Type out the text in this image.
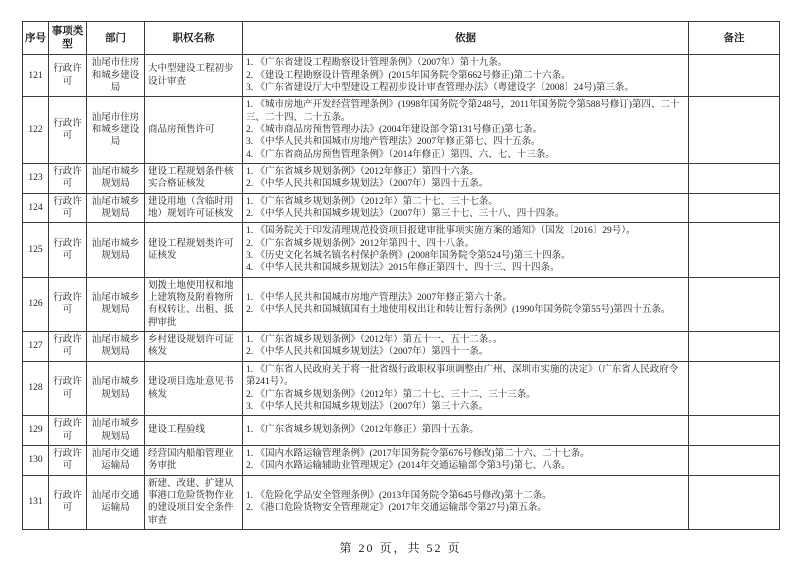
序号	事项类型	部门	职权名称	依据	备注
121	行政许可	汕尾市住房和城乡建设局	大中型建设工程初步设计审查	1. 《广东省建设工程勘察设计管理条例》（2007年）第十九条。
2. 《建设工程勘察设计管理条例》(2015年国务院令第662号修正)第二十六条。
3. 《广东省建设厅大中型建设工程初步设计审查管理办法》（粤建设字〔2008〕24号)第三条。	

122	行政许可	汕尾市住房和城乡建设局	商品房预售许可	1. 《城市房地产开发经营管理条例》(1998年国务院令第248号，2011年国务院令第588号修订)第四、二十三、二十四、二十五条。
2. 《城市商品房预售管理办法》(2004年建设部令第131号修正)第七条。
3. 《中华人民共和国城市房地产管理法》2007年修正第七、四十五条。
4. 《广东省商品房预售管理条例》（2014年修正）第四、六、七、十三条。	

123	行政许可	汕尾市城乡规划局	建设工程规划条件核实合格证核发	1. 《广东省城乡规划条例》（2012年修正）第四十六条。
2. 《中华人民共和国城乡规划法》（2007年）第四十五条。	

124	行政许可	汕尾市城乡规划局	建设用地（含临时用地）规划许可证核发	1. 《广东省城乡规划条例》（2012年）第二十七、三十七条。
2. 《中华人民共和国城乡规划法》（2007年）第三十七、三十八、四十四条。	

125	行政许可	汕尾市城乡规划局	建设工程规划类许可证核发	1. 《国务院关于印发清理规范投资项目报建审批事项实施方案的通知》（国发〔2016〕29号）。
2. 《广东省城乡规划条例》2012年第四十、四十八条。
3. 《历史文化名城名镇名村保护条例》(2008年国务院令第524号)第三十四条。
4. 《中华人民共和国城乡规划法》2015年修正第四十、四十三、四十四条。	

126	行政许可	汕尾市城乡规划局	划拨土地使用权和地上建筑物及附着物所有权转让、出租、抵押审批	1. 《中华人民共和国城市房地产管理法》2007年修正第六十条。
2. 《中华人民共和国城镇国有土地使用权出让和转让暂行条例》(1990年国务院令第55号)第四十五条。	

127	行政许可	汕尾市城乡规划局	乡村建设规划许可证核发	1. 《广东省城乡规划条例》（2012年）第五十一、五十二条。。
2. 《中华人民共和国城乡规划法》（2007年）第四十一条。	

128	行政许可	汕尾市城乡规划局	建设项目选址意见书核发	1. 《广东省人民政府关于将一批省级行政职权事项调整由广州、深圳市实施的决定》（广东省人民政府令第241号）。
2. 《广东省城乡规划条例》（2012年）第二十七、三十二、三十三条。
3. 《中华人民共和国城乡规划法》（2007年）第三十六条。	

129	行政许可	汕尾市城乡规划局	建设工程验线	1. 《广东省城乡规划条例》（2012年修正）第四十五条。	

130	行政许可	汕尾市交通运输局	经营国内船舶管理业务审批	1. 《国内水路运输管理条例》(2017年国务院令第676号修改)第二十六、二十七条。
2. 《国内水路运输辅助业管理规定》(2014年交通运输部令第3号)第七、八条。	

131	行政许可	汕尾市交通运输局	新建、改建、扩建从事港口危险货物作业的建设项目安全条件审查	1. 《危险化学品安全管理条例》(2013年国务院令第645号修改)第十二条。
2. 《港口危险货物安全管理规定》(2017年交通运输部令第27号)第五条。	

第 20 页，共 52 页
